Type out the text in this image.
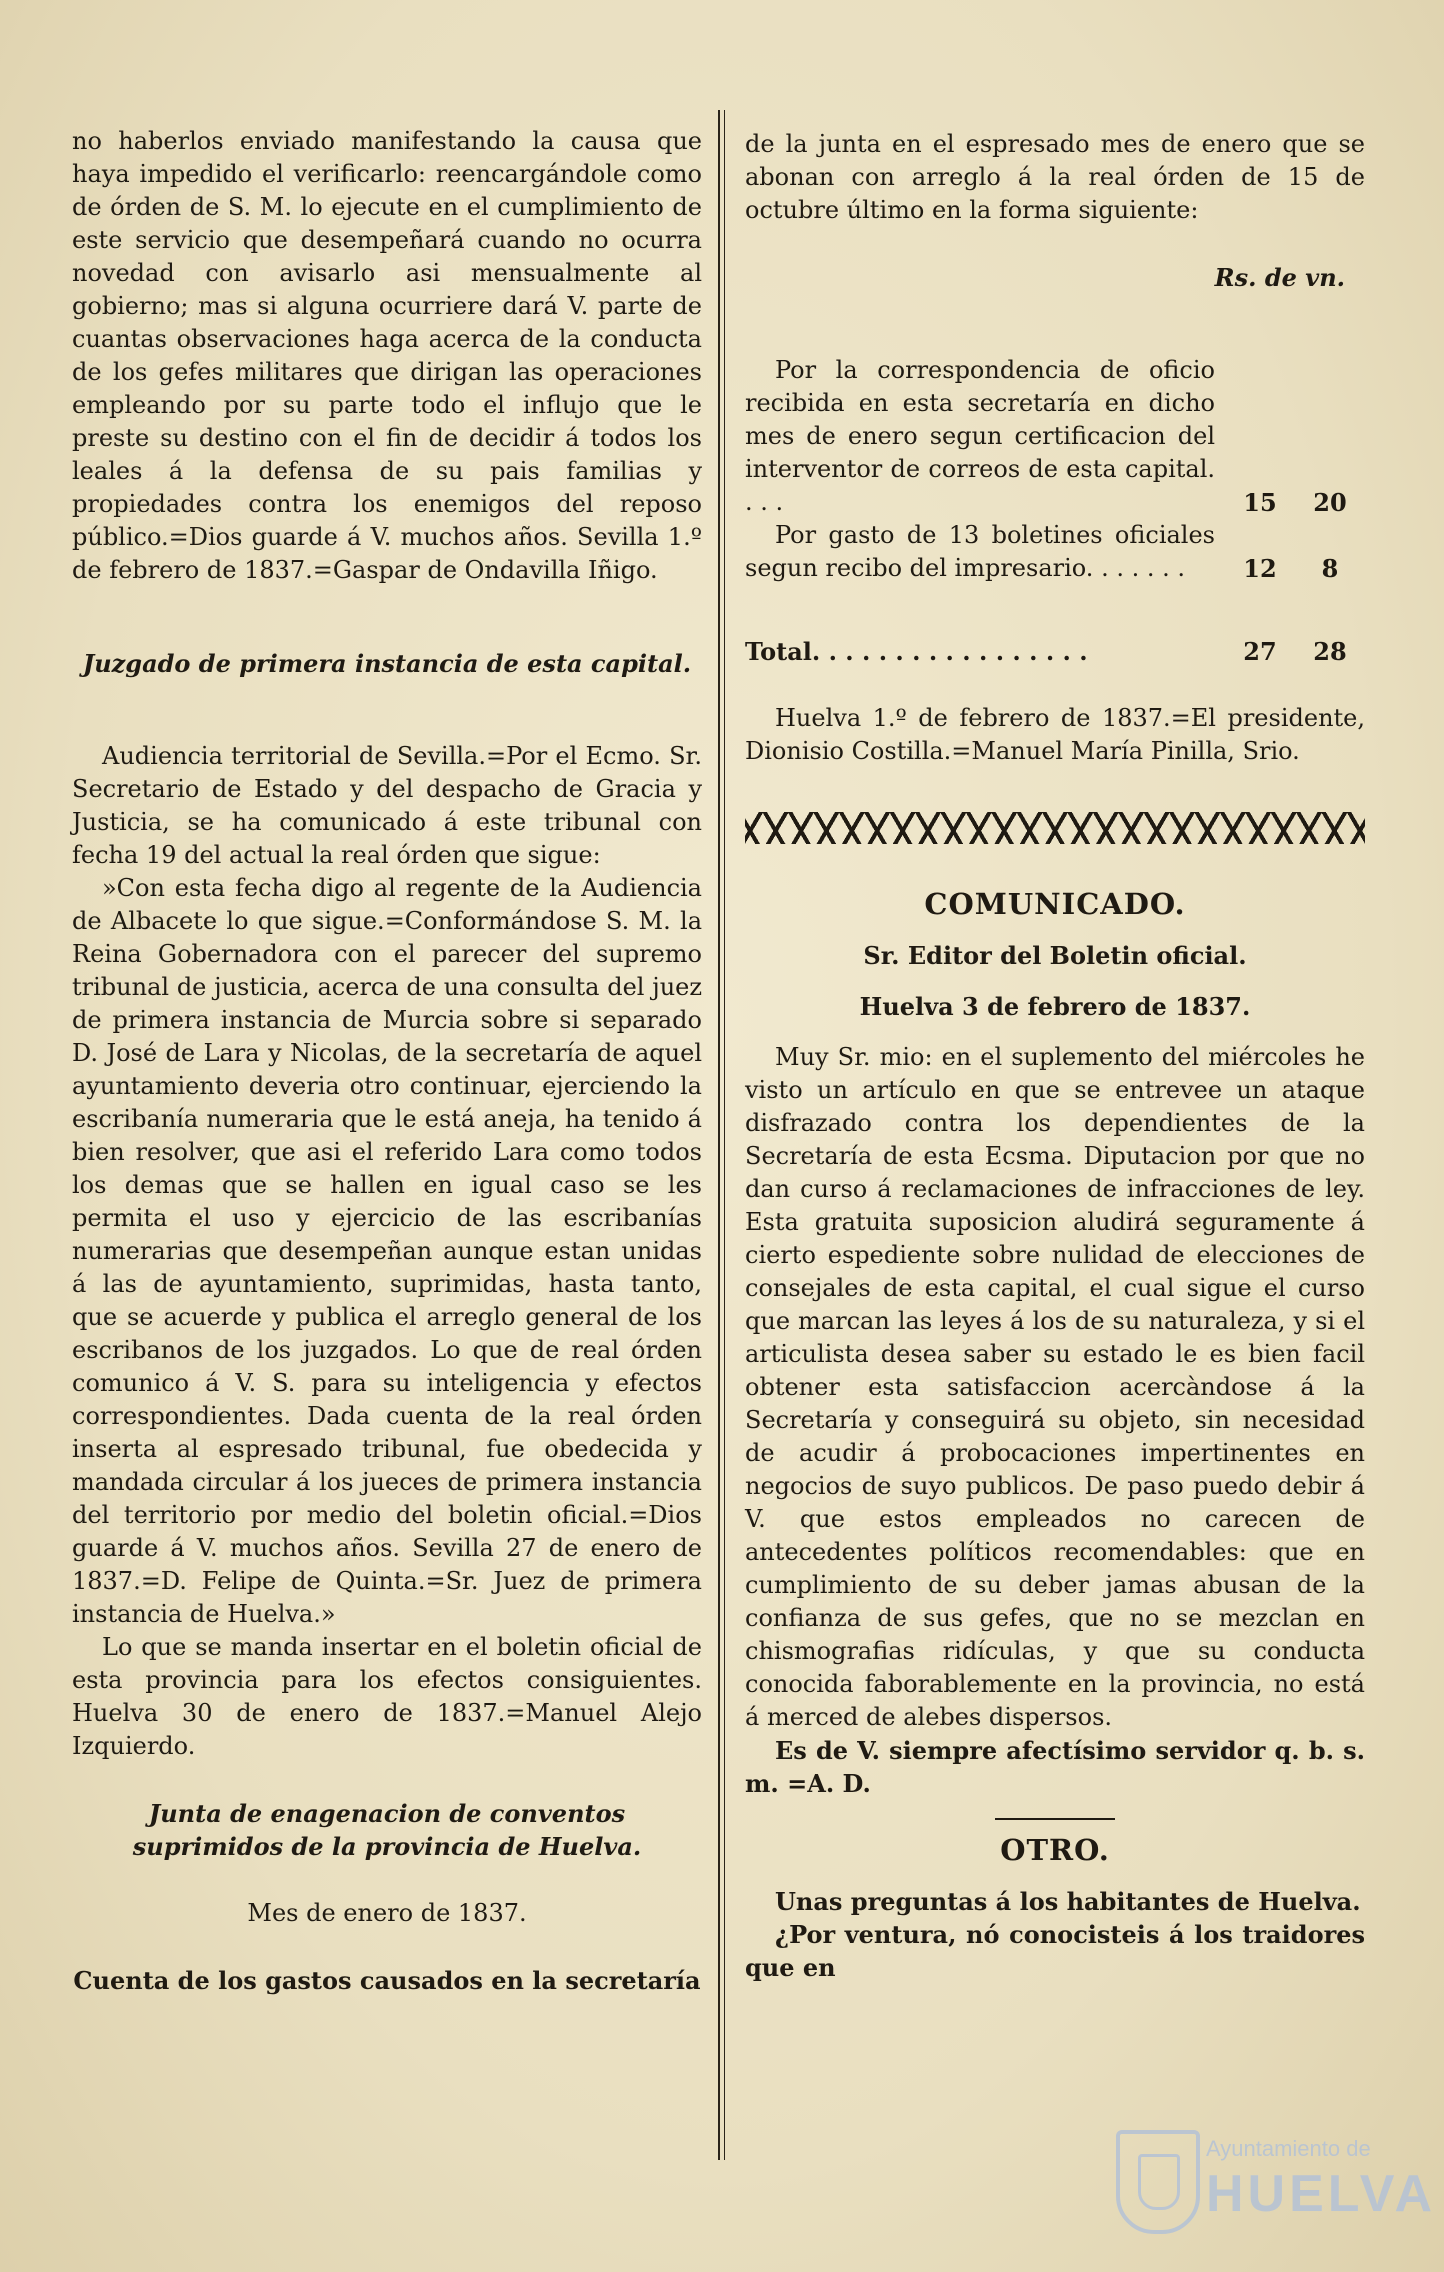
no haberlos enviado manifestando la causa que haya impedido el verificarlo: reencargándole como de órden de S. M. lo ejecute en el cumplimiento de este servicio que desempeñará cuando no ocurra novedad con avisarlo asi mensualmente al gobierno; mas si alguna ocurriere dará V. parte de cuantas observaciones haga acerca de la conducta de los gefes militares que dirigan las operaciones empleando por su parte todo el influjo que le preste su destino con el fin de decidir á todos los leales á la defensa de su pais familias y propiedades contra los enemigos del reposo público.=Dios guarde á V. muchos años. Sevilla 1.º de febrero de 1837.=Gaspar de Ondavilla Iñigo.

Juzgado de primera instancia de esta capital.

Audiencia territorial de Sevilla.=Por el Ecmo. Sr. Secretario de Estado y del despacho de Gracia y Justicia, se ha comunicado á este tribunal con fecha 19 del actual la real órden que sigue:

»Con esta fecha digo al regente de la Audiencia de Albacete lo que sigue.=Conformándose S. M. la Reina Gobernadora con el parecer del supremo tribunal de justicia, acerca de una consulta del juez de primera instancia de Murcia sobre si separado D. José de Lara y Nicolas, de la secretaría de aquel ayuntamiento deveria otro continuar, ejerciendo la escribanía numeraria que le está aneja, ha tenido á bien resolver, que asi el referido Lara como todos los demas que se hallen en igual caso se les permita el uso y ejercicio de las escribanías numerarias que desempeñan aunque estan unidas á las de ayuntamiento, suprimidas, hasta tanto, que se acuerde y publica el arreglo general de los escribanos de los juzgados. Lo que de real órden comunico á V. S. para su inteligencia y efectos correspondientes. Dada cuenta de la real órden inserta al espresado tribunal, fue obedecida y mandada circular á los jueces de primera instancia del territorio por medio del boletin oficial.=Dios guarde á V. muchos años. Sevilla 27 de enero de 1837.=D. Felipe de Quinta.=Sr. Juez de primera instancia de Huelva.»

Lo que se manda insertar en el boletin oficial de esta provincia para los efectos consiguientes. Huelva 30 de enero de 1837.=Manuel Alejo Izquierdo.

Junta de enagenacion de conventos suprimidos de la provincia de Huelva.

Mes de enero de 1837.

Cuenta de los gastos causados en la secretaría

de la junta en el espresado mes de enero que se abonan con arreglo á la real órden de 15 de octubre último en la forma siguiente:

Rs. de vn.

Por la correspondencia de oficio recibida en esta secretaría en dicho mes de enero segun certificacion del interventor de correos de esta capital. . . .	15	20
Por gasto de 13 boletines oficiales segun recibo del impresario. . . . . . .	12	8

Total. . . . . . . . . . . . . . . . .	27	28

Huelva 1.º de febrero de 1837.=El presidente, Dionisio Costilla.=Manuel María Pinilla, Srio.

COMUNICADO.

Sr. Editor del Boletin oficial.

Huelva 3 de febrero de 1837.

Muy Sr. mio: en el suplemento del miércoles he visto un artículo en que se entrevee un ataque disfrazado contra los dependientes de la Secretaría de esta Ecsma. Diputacion por que no dan curso á reclamaciones de infracciones de ley. Esta gratuita suposicion aludirá seguramente á cierto espediente sobre nulidad de elecciones de consejales de esta capital, el cual sigue el curso que marcan las leyes á los de su naturaleza, y si el articulista desea saber su estado le es bien facil obtener esta satisfaccion acercàndose á la Secretaría y conseguirá su objeto, sin necesidad de acudir á probocaciones impertinentes en negocios de suyo publicos. De paso puedo debir á V. que estos empleados no carecen de antecedentes políticos recomendables: que en cumplimiento de su deber jamas abusan de la confianza de sus gefes, que no se mezclan en chismografias ridículas, y que su conducta conocida faborablemente en la provincia, no está á merced de alebes dispersos.

Es de V. siempre afectísimo servidor q. b. s. m. =A. D.

OTRO.

Unas preguntas á los habitantes de Huelva.

¿Por ventura, nó conocisteis á los traidores que en

Ayuntamiento de
HUELVA
